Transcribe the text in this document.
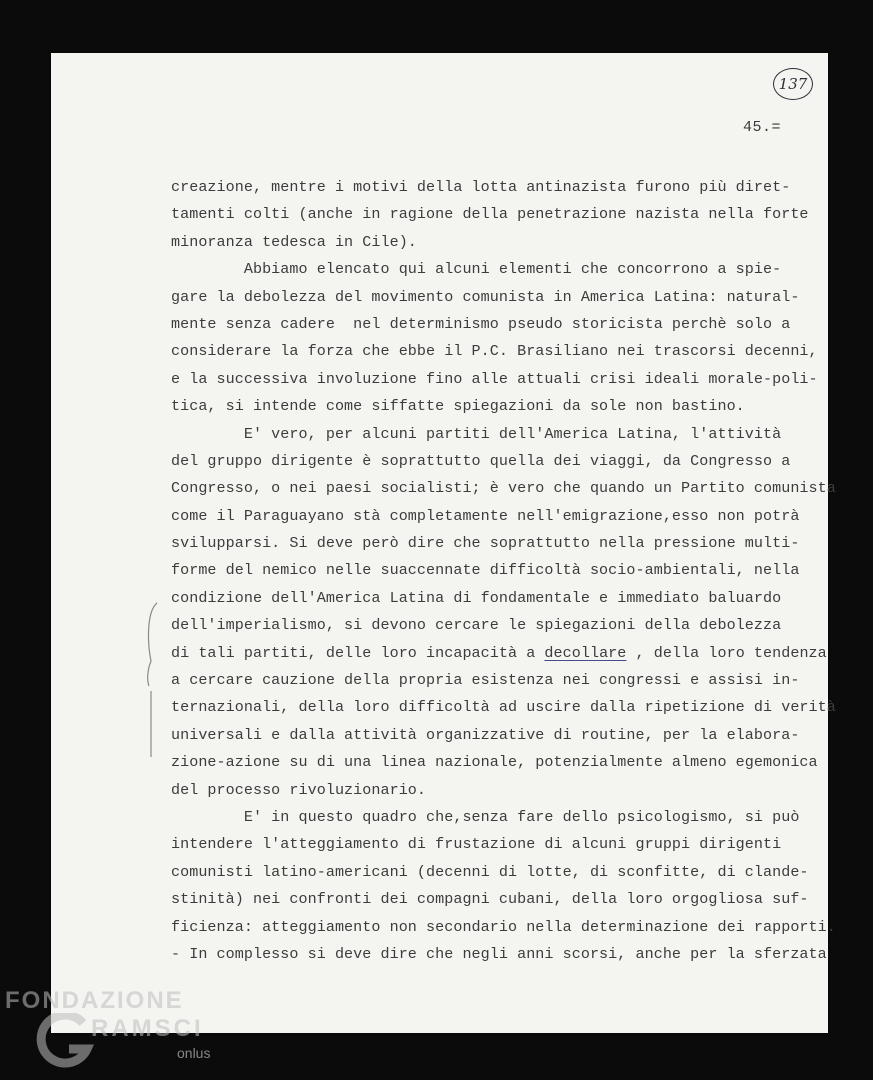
137
45.=
creazione, mentre i motivi della lotta antinazista furono più diret-
tamenti colti (anche in ragione della penetrazione nazista nella forte
minoranza tedesca in Cile).
Abbiamo elencato qui alcuni elementi che concorrono a spie-
gare la debolezza del movimento comunista in America Latina: natural-
mente senza cadere  nel determinismo pseudo storicista perchè solo a
considerare la forza che ebbe il P.C. Brasiliano nei trascorsi decenni,
e la successiva involuzione fino alle attuali crisi ideali morale-poli-
tica, si intende come siffatte spiegazioni da sole non bastino.
E' vero, per alcuni partiti dell'America Latina, l'attività
del gruppo dirigente è soprattutto quella dei viaggi, da Congresso a
Congresso, o nei paesi socialisti; è vero che quando un Partito comunista
come il Paraguayano stà completamente nell'emigrazione,esso non potrà
svilupparsi. Si deve però dire che soprattutto nella pressione multi-
forme del nemico nelle suaccennate difficoltà socio-ambientali, nella
condizione dell'America Latina di fondamentale e immediato baluardo
dell'imperialismo, si devono cercare le spiegazioni della debolezza
di tali partiti, delle loro incapacità a decollare , della loro tendenza
a cercare cauzione della propria esistenza nei congressi e assisi in-
ternazionali, della loro difficoltà ad uscire dalla ripetizione di verità
universali e dalla attività organizzative di routine, per la elabora-
zione-azione su di una linea nazionale, potenzialmente almeno egemonica
del processo rivoluzionario.
E' in questo quadro che,senza fare dello psicologismo, si può
intendere l'atteggiamento di frustazione di alcuni gruppi dirigenti
comunisti latino-americani (decenni di lotte, di sconfitte, di clande-
stinità) nei confronti dei compagni cubani, della loro orgogliosa suf-
ficienza: atteggiamento non secondario nella determinazione dei rapporti.
- In complesso si deve dire che negli anni scorsi, anche per la sferzata
FONDAZIONE
RAMSCI
onlus
